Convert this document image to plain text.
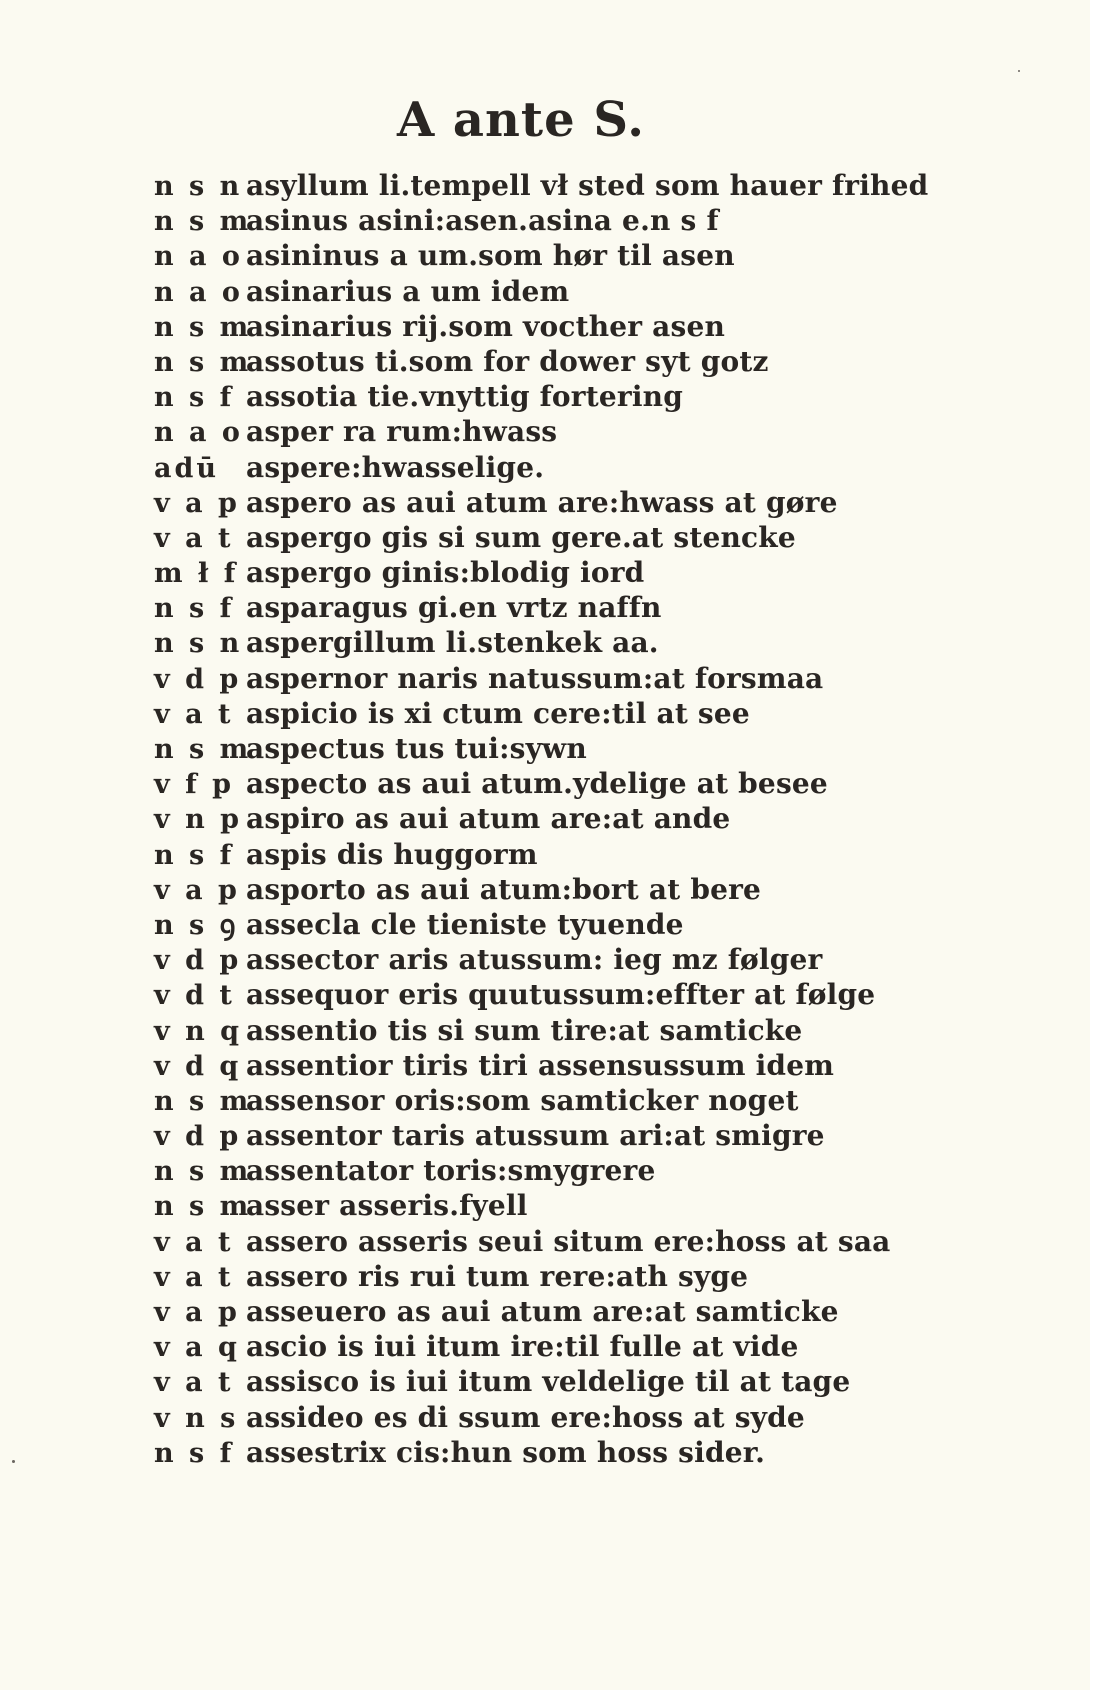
A ante S.
n s n asyllum li.tempell vł sted som hauer frihed
n s m
asinus asini:asen.asina e.n s f
n a o asininus a um.som hør til asen
n a o asinarius a um idem
n s m
asinarius rij.som vocther asen
n s m
assotus ti.som for dower syt gotz
n s f assotia tie.vnyttig fortering
n a o asper ra rum:hwass
adū aspere:hwasselige.
v a p aspero as aui atum are:hwass at gøre
v a t aspergo gis si sum gere.at stencke
m ł f aspergo ginis:blodig iord
n s f asparagus gi.en vrtz naffn
n s n aspergillum li.stenkek aa.
v d p aspernor naris natussum:at forsmaa
v a t aspicio is xi ctum cere:til at see
n s m
aspectus tus tui:sywn
v f p aspecto as aui atum.ydelige at besee
v n p aspiro as aui atum are:at ande
n s f aspis dis huggorm
v a p asporto as aui atum:bort at bere
n s ꝯ assecla cle tieniste tyuende
v d p assector aris atussum: ieg mz følger
v d t assequor eris quutussum:effter at følge
v n q assentio tis si sum tire:at samticke
v d q assentior tiris tiri assensussum idem
n s m
assensor oris:som samticker noget
v d p assentor taris atussum ari:at smigre
n s m
assentator toris:smygrere
n s m
asser asseris.fyell
v a t assero asseris seui situm ere:hoss at saa
v a t assero ris rui tum rere:ath syge
v a p asseuero as aui atum are:at samticke
v a q ascio is iui itum ire:til fulle at vide
v a t assisco is iui itum veldelige til at tage
v n s assideo es di ssum ere:hoss at syde
n s f assestrix cis:hun som hoss sider.
